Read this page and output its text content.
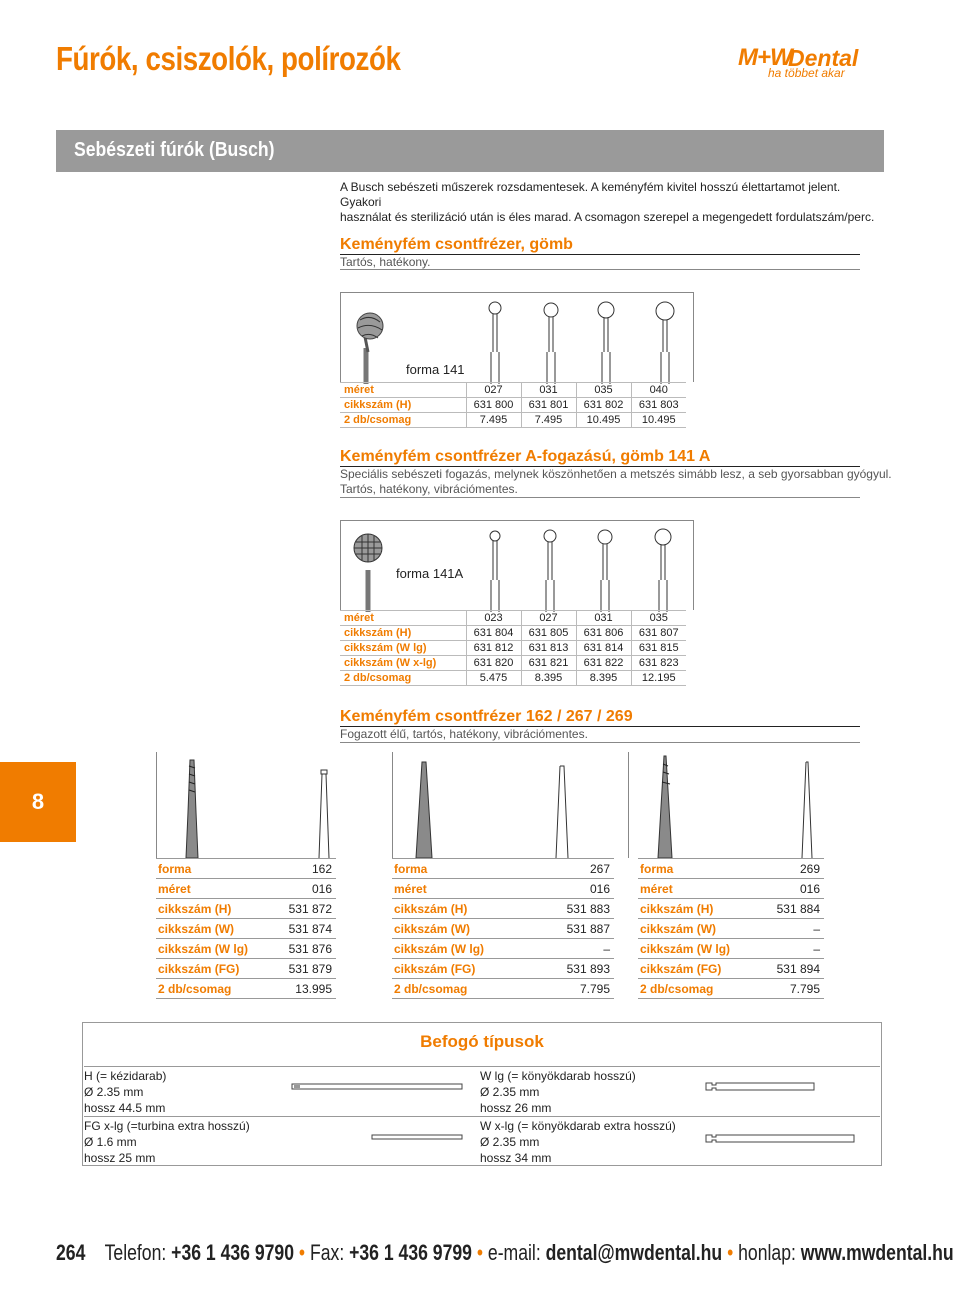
Fúrók, csiszolók, polírozók	M+W
Dental
ha többet akar
Sebészeti fúrók (Busch)
A Busch sebészeti műszerek rozsdamentesek. A keményfém kivitel hosszú élettartamot jelent. Gyakori
használat és sterilizáció után is éles marad. A csomagon szerepel a megengedett fordulatszám/perc.
Keményfém csontfrézer, gömb
Tartós, hatékony.
forma 141
méret	027	031	035	040
cikkszám (H)	631 800	631 801	631 802	631 803
2 db/csomag	7.495	7.495	10.495	10.495
Keményfém csontfrézer A-fogazású, gömb 141 A
Speciális sebészeti fogazás, melynek köszönhetően a metszés simább lesz, a seb gyorsabban gyógyul.
Tartós, hatékony, vibrációmentes.
forma 141A
méret	023	027	031	035
cikkszám (H)	631 804	631 805	631 806	631 807
cikkszám (W lg)	631 812	631 813	631 814	631 815
cikkszám (W x-lg)	631 820	631 821	631 822	631 823
2 db/csomag	5.475	8.395	8.395	12.195
Keményfém csontfrézer 162 / 267 / 269
Fogazott élű, tartós, hatékony, vibrációmentes.
8
forma	162
méret	016
cikkszám (H)	531 872
cikkszám (W)	531 874
cikkszám (W lg)	531 876
cikkszám (FG)	531 879
2 db/csomag	13.995
forma	267
méret	016
cikkszám (H)	531 883
cikkszám (W)	531 887
cikkszám (W lg)	–
cikkszám (FG)	531 893
2 db/csomag	7.795
forma	269
méret	016
cikkszám (H)	531 884
cikkszám (W)	–
cikkszám (W lg)	–
cikkszám (FG)	531 894
2 db/csomag	7.795
Befogó típusok
H (= kézidarab)
Ø 2.35 mm
hossz 44.5 mm
W lg (= könyökdarab hosszú)
Ø 2.35 mm
hossz 26 mm
FG x-lg (=turbina extra hosszú)
Ø 1.6 mm
hossz 25 mm
W x-lg (= könyökdarab extra hosszú)
Ø 2.35 mm
hossz 34 mm
264 Telefon: +36 1 436 9790 • Fax: +36 1 436 9799 • e-mail: dental@mwdental.hu • honlap: www.mwdental.hu
